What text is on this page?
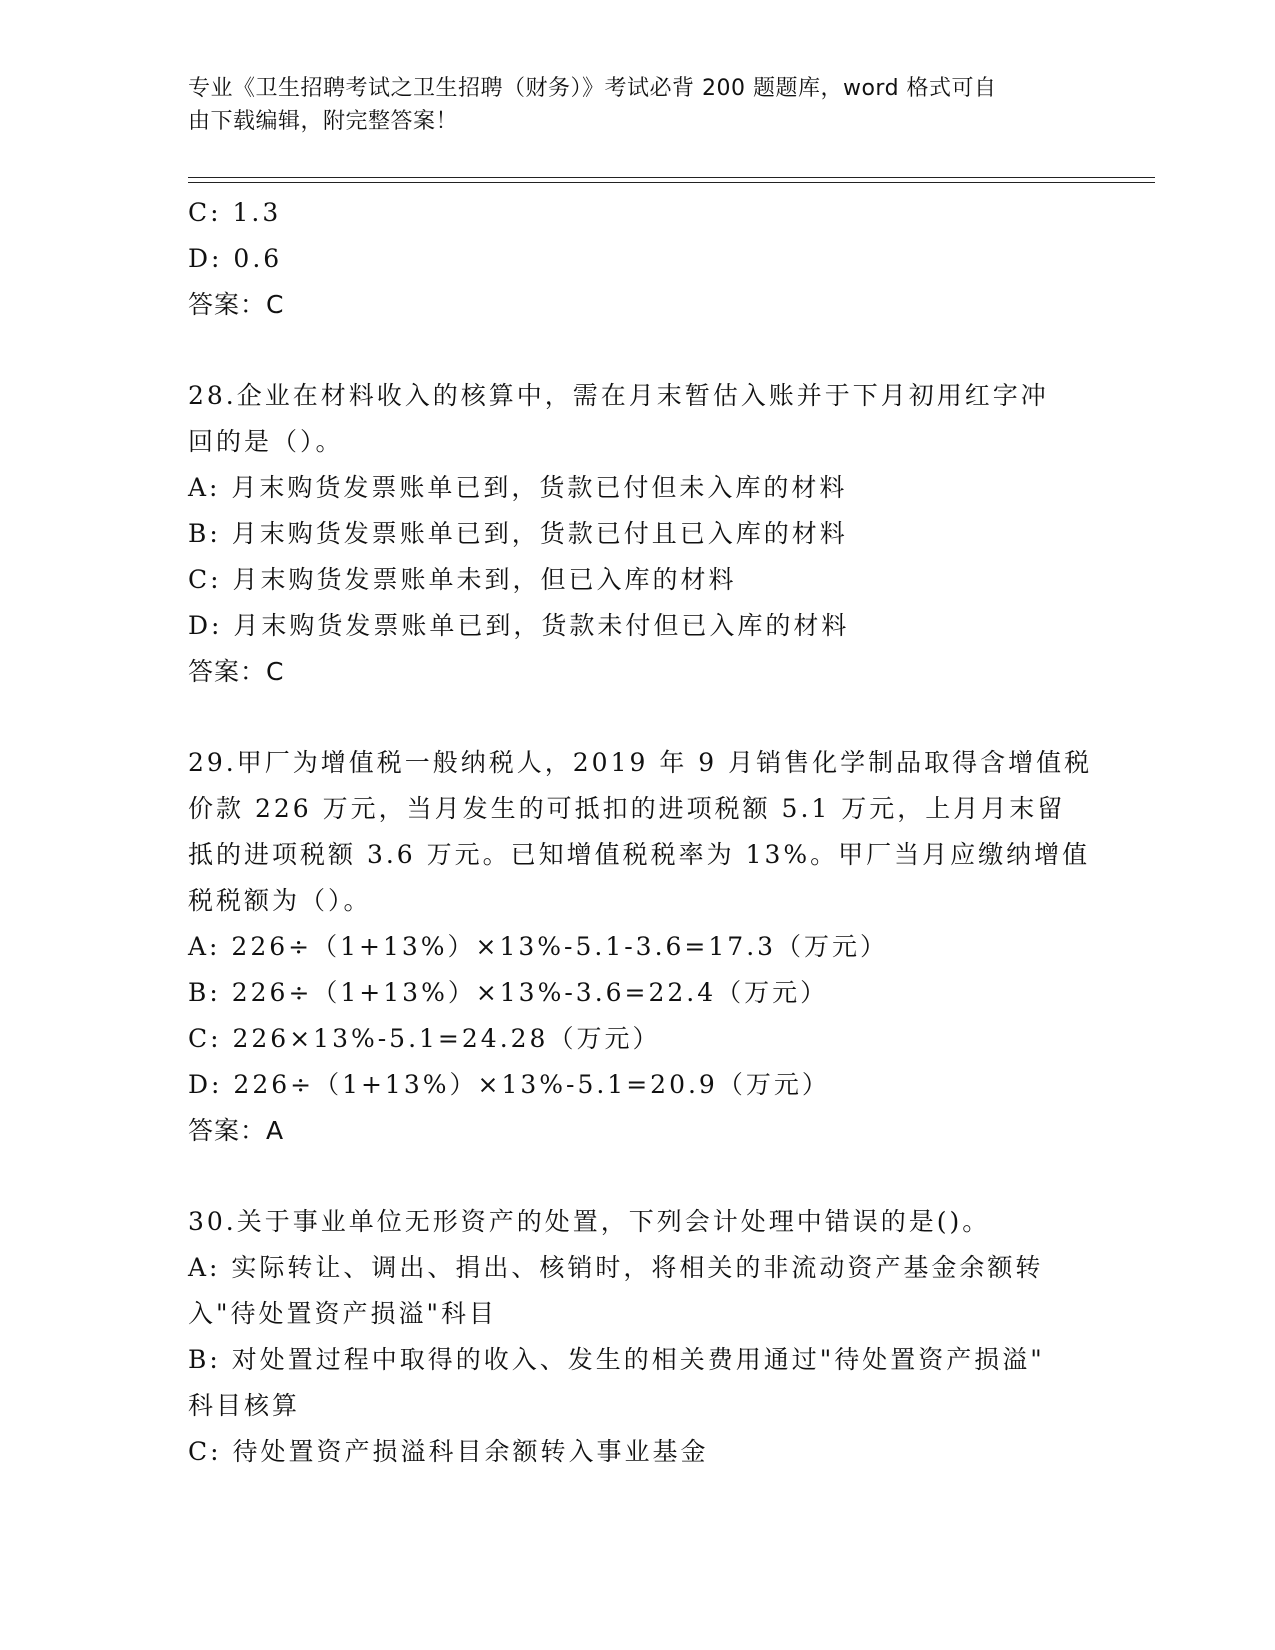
专业《卫生招聘考试之卫生招聘（财务）》考试必背 200 题题库，word 格式可自
由下载编辑，附完整答案！
C: 1.3
D: 0.6
答案：C
28.企业在材料收入的核算中，需在月末暂估入账并于下月初用红字冲
回的是（）。
A: 月末购货发票账单已到，货款已付但未入库的材料
B: 月末购货发票账单已到，货款已付且已入库的材料
C: 月末购货发票账单未到，但已入库的材料
D: 月末购货发票账单已到，货款未付但已入库的材料
答案：C
29.甲厂为增值税一般纳税人，2019 年 9 月销售化学制品取得含增值税
价款 226 万元，当月发生的可抵扣的进项税额 5.1 万元，上月月末留
抵的进项税额 3.6 万元。已知增值税税率为 13%。甲厂当月应缴纳增值
税税额为（）。
A: 226÷（1+13%）×13%-5.1-3.6=17.3（万元）
B: 226÷（1+13%）×13%-3.6=22.4（万元）
C: 226×13%-5.1=24.28（万元）
D: 226÷（1+13%）×13%-5.1=20.9（万元）
答案：A
30.关于事业单位无形资产的处置，下列会计处理中错误的是()。
A: 实际转让、调出、捐出、核销时，将相关的非流动资产基金余额转
入"待处置资产损溢"科目
B: 对处置过程中取得的收入、发生的相关费用通过"待处置资产损溢"
科目核算
C: 待处置资产损溢科目余额转入事业基金
